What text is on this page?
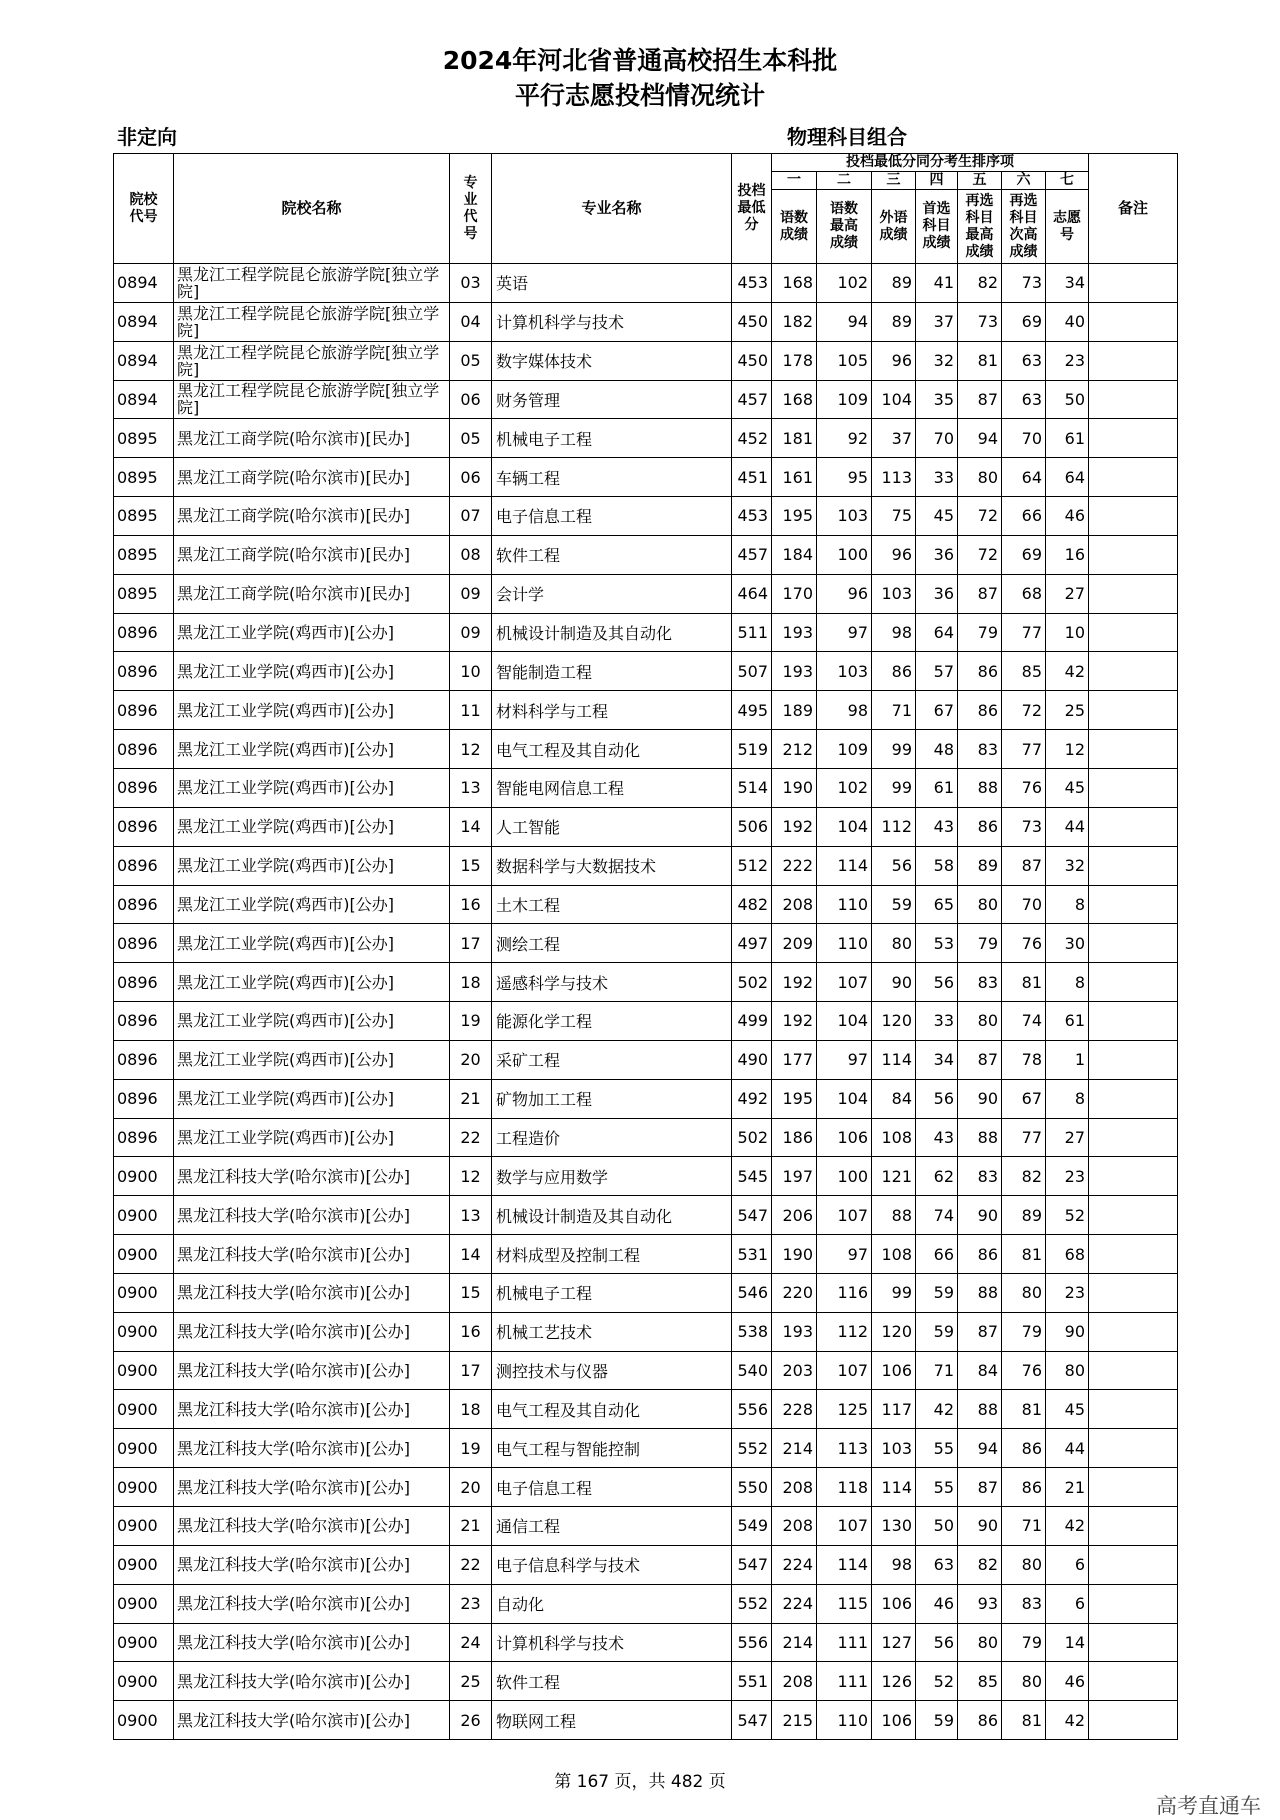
2024年河北省普通高校招生本科批
平行志愿投档情况统计
非定向	物理科目组合
院校代号	院校名称	专业代号	专业名称	投档最低分	投档最低分同分考生排序项							备注
					一	二	三	四	五	六	七	
					语数成绩	语数最高成绩	外语成绩	首选科目成绩	再选科目最高成绩	再选科目次高成绩	志愿号	
0894	黑龙江工程学院昆仑旅游学院[独立学院]	03	英语	453	168	102	89	41	82	73	34	
0894	黑龙江工程学院昆仑旅游学院[独立学院]	04	计算机科学与技术	450	182	94	89	37	73	69	40	
0894	黑龙江工程学院昆仑旅游学院[独立学院]	05	数字媒体技术	450	178	105	96	32	81	63	23	
0894	黑龙江工程学院昆仑旅游学院[独立学院]	06	财务管理	457	168	109	104	35	87	63	50	
0895	黑龙江工商学院(哈尔滨市)[民办]	05	机械电子工程	452	181	92	37	70	94	70	61	
0895	黑龙江工商学院(哈尔滨市)[民办]	06	车辆工程	451	161	95	113	33	80	64	64	
0895	黑龙江工商学院(哈尔滨市)[民办]	07	电子信息工程	453	195	103	75	45	72	66	46	
0895	黑龙江工商学院(哈尔滨市)[民办]	08	软件工程	457	184	100	96	36	72	69	16	
0895	黑龙江工商学院(哈尔滨市)[民办]	09	会计学	464	170	96	103	36	87	68	27	
0896	黑龙江工业学院(鸡西市)[公办]	09	机械设计制造及其自动化	511	193	97	98	64	79	77	10	
0896	黑龙江工业学院(鸡西市)[公办]	10	智能制造工程	507	193	103	86	57	86	85	42	
0896	黑龙江工业学院(鸡西市)[公办]	11	材料科学与工程	495	189	98	71	67	86	72	25	
0896	黑龙江工业学院(鸡西市)[公办]	12	电气工程及其自动化	519	212	109	99	48	83	77	12	
0896	黑龙江工业学院(鸡西市)[公办]	13	智能电网信息工程	514	190	102	99	61	88	76	45	
0896	黑龙江工业学院(鸡西市)[公办]	14	人工智能	506	192	104	112	43	86	73	44	
0896	黑龙江工业学院(鸡西市)[公办]	15	数据科学与大数据技术	512	222	114	56	58	89	87	32	
0896	黑龙江工业学院(鸡西市)[公办]	16	土木工程	482	208	110	59	65	80	70	8	
0896	黑龙江工业学院(鸡西市)[公办]	17	测绘工程	497	209	110	80	53	79	76	30	
0896	黑龙江工业学院(鸡西市)[公办]	18	遥感科学与技术	502	192	107	90	56	83	81	8	
0896	黑龙江工业学院(鸡西市)[公办]	19	能源化学工程	499	192	104	120	33	80	74	61	
0896	黑龙江工业学院(鸡西市)[公办]	20	采矿工程	490	177	97	114	34	87	78	1	
0896	黑龙江工业学院(鸡西市)[公办]	21	矿物加工工程	492	195	104	84	56	90	67	8	
0896	黑龙江工业学院(鸡西市)[公办]	22	工程造价	502	186	106	108	43	88	77	27	
0900	黑龙江科技大学(哈尔滨市)[公办]	12	数学与应用数学	545	197	100	121	62	83	82	23	
0900	黑龙江科技大学(哈尔滨市)[公办]	13	机械设计制造及其自动化	547	206	107	88	74	90	89	52	
0900	黑龙江科技大学(哈尔滨市)[公办]	14	材料成型及控制工程	531	190	97	108	66	86	81	68	
0900	黑龙江科技大学(哈尔滨市)[公办]	15	机械电子工程	546	220	116	99	59	88	80	23	
0900	黑龙江科技大学(哈尔滨市)[公办]	16	机械工艺技术	538	193	112	120	59	87	79	90	
0900	黑龙江科技大学(哈尔滨市)[公办]	17	测控技术与仪器	540	203	107	106	71	84	76	80	
0900	黑龙江科技大学(哈尔滨市)[公办]	18	电气工程及其自动化	556	228	125	117	42	88	81	45	
0900	黑龙江科技大学(哈尔滨市)[公办]	19	电气工程与智能控制	552	214	113	103	55	94	86	44	
0900	黑龙江科技大学(哈尔滨市)[公办]	20	电子信息工程	550	208	118	114	55	87	86	21	
0900	黑龙江科技大学(哈尔滨市)[公办]	21	通信工程	549	208	107	130	50	90	71	42	
0900	黑龙江科技大学(哈尔滨市)[公办]	22	电子信息科学与技术	547	224	114	98	63	82	80	6	
0900	黑龙江科技大学(哈尔滨市)[公办]	23	自动化	552	224	115	106	46	93	83	6	
0900	黑龙江科技大学(哈尔滨市)[公办]	24	计算机科学与技术	556	214	111	127	56	80	79	14	
0900	黑龙江科技大学(哈尔滨市)[公办]	25	软件工程	551	208	111	126	52	85	80	46	
0900	黑龙江科技大学(哈尔滨市)[公办]	26	物联网工程	547	215	110	106	59	86	81	42	
第 167 页，共 482 页
高考直通车
